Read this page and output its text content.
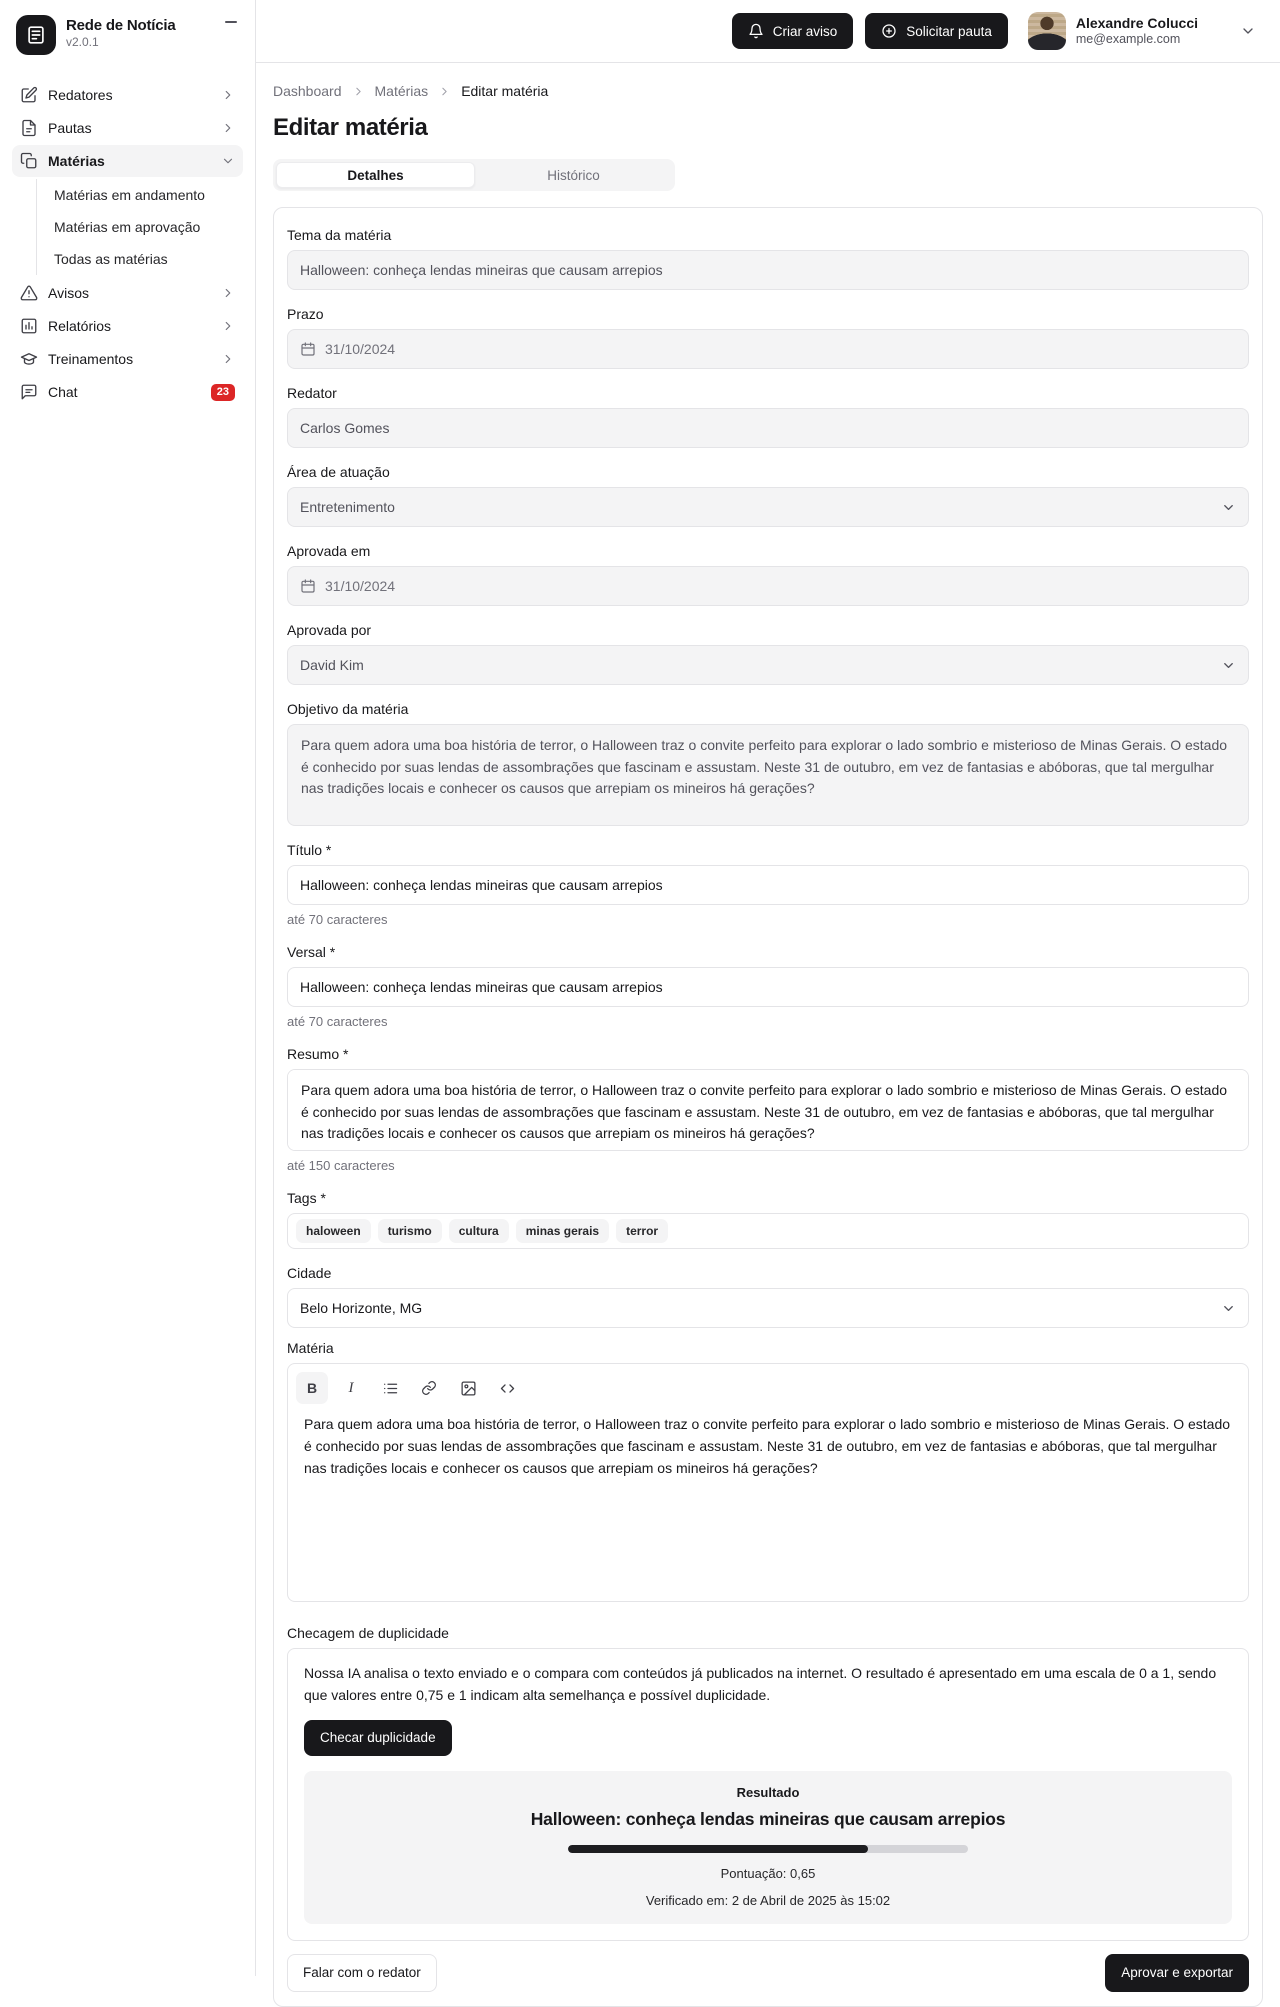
Rede de Notícia
v2.0.1
Redatores
Pautas
Matérias
Matérias em andamento
Matérias em aprovação
Todas as matérias
Avisos
Relatórios
Treinamentos
Chat	23
Criar aviso	Solicitar pauta	Alexandre Colucci
me@example.com
Dashboard Matérias Editar matéria
Editar matéria
Detalhes	Histórico
Tema da matéria
Halloween: conheça lendas mineiras que causam arrepios
Prazo
31/10/2024
Redator
Carlos Gomes
Área de atuação
Entretenimento
Aprovada em
31/10/2024
Aprovada por
David Kim
Objetivo da matéria
Para quem adora uma boa história de terror, o Halloween traz o convite perfeito para explorar o lado sombrio e misterioso de Minas Gerais. O estado é conhecido por suas lendas de assombrações que fascinam e assustam. Neste 31 de outubro, em vez de fantasias e abóboras, que tal mergulhar nas tradições locais e conhecer os causos que arrepiam os mineiros há gerações?
Título *
Halloween: conheça lendas mineiras que causam arrepios
até 70 caracteres
Versal *
Halloween: conheça lendas mineiras que causam arrepios
até 70 caracteres
Resumo *
Para quem adora uma boa história de terror, o Halloween traz o convite perfeito para explorar o lado sombrio e misterioso de Minas Gerais. O estado é conhecido por suas lendas de assombrações que fascinam e assustam. Neste 31 de outubro, em vez de fantasias e abóboras, que tal mergulhar nas tradições locais e conhecer os causos que arrepiam os mineiros há gerações?
até 150 caracteres
Tags *
haloween	turismo	cultura	minas gerais	terror
Cidade
Belo Horizonte, MG
Matéria
B I
Para quem adora uma boa história de terror, o Halloween traz o convite perfeito para explorar o lado sombrio e misterioso de Minas Gerais. O estado é conhecido por suas lendas de assombrações que fascinam e assustam. Neste 31 de outubro, em vez de fantasias e abóboras, que tal mergulhar nas tradições locais e conhecer os causos que arrepiam os mineiros há gerações?
Checagem de duplicidade
Nossa IA analisa o texto enviado e o compara com conteúdos já publicados na internet. O resultado é apresentado em uma escala de 0 a 1, sendo que valores entre 0,75 e 1 indicam alta semelhança e possível duplicidade.
Checar duplicidade
Resultado
Halloween: conheça lendas mineiras que causam arrepios
Pontuação: 0,65
Verificado em: 2 de Abril de 2025 às 15:02
Falar com o redator	Aprovar e exportar
